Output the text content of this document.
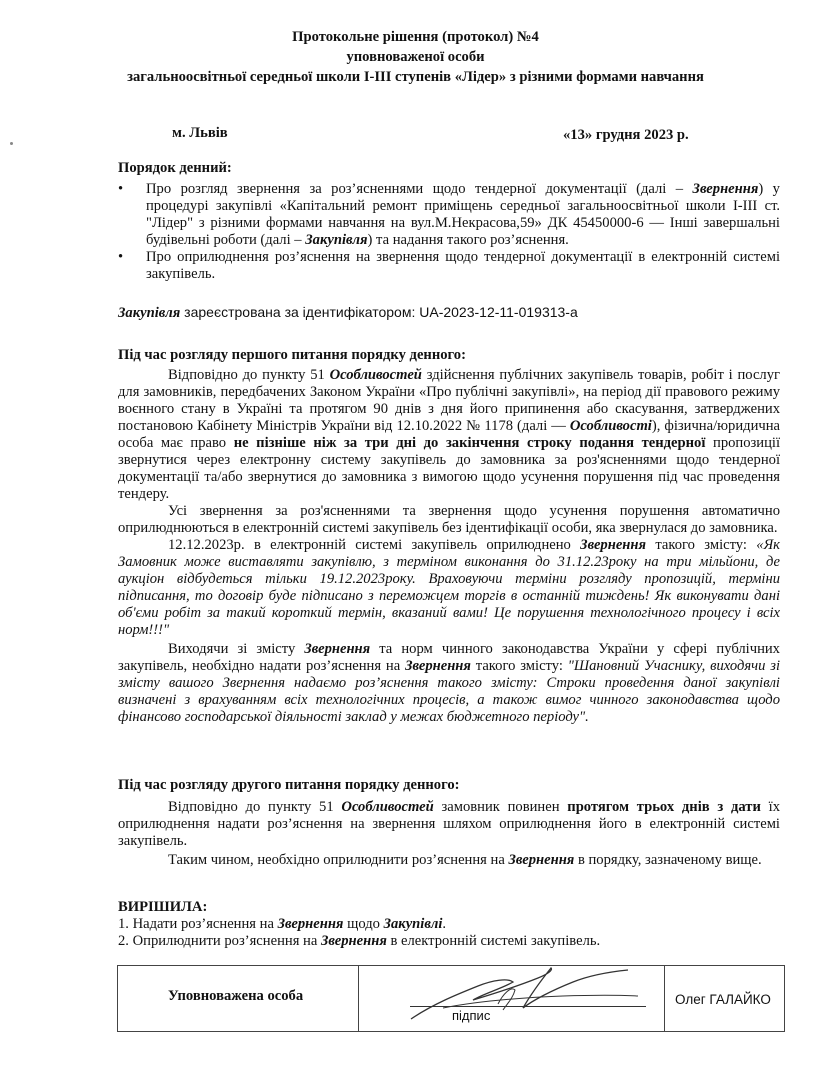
Протокольне рішення (протокол) №4
уповноваженої особи
загальноосвітньої середньої школи І-ІІІ ступенів «Лідер» з різними формами навчання
м. Львів	«13» грудня 2023 р.

Порядок денний:

• Про розгляд звернення за роз’ясненнями щодо тендерної документації (далі – Звернення) у процедурі закупівлі «Капітальний ремонт приміщень середньої загальноосвітньої школи І-ІІІ ст. "Лідер" з різними формами навчання на вул.М.Некрасова,59» ДК 45450000-6 — Інші завершальні будівельні роботи (далі – Закупівля) та надання такого роз’яснення.

• Про оприлюднення роз’яснення на звернення щодо тендерної документації в електронній системі закупівель.

Закупівля зареєстрована за ідентифікатором: UA-2023-12-11-019313-a

Під час розгляду першого питання порядку денного:

Відповідно до пункту 51 Особливостей здійснення публічних закупівель товарів, робіт і послуг для замовників, передбачених Законом України «Про публічні закупівлі», на період дії правового режиму воєнного стану в Україні та протягом 90 днів з дня його припинення або скасування, затверджених постановою Кабінету Міністрів України від 12.10.2022 № 1178 (далі — Особливості), фізична/юридична особа має право не пізніше ніж за три дні до закінчення строку подання тендерної пропозиції звернутися через електронну систему закупівель до замовника за роз'ясненнями щодо тендерної документації та/або звернутися до замовника з вимогою щодо усунення порушення під час проведення тендеру.

Усі звернення за роз'ясненнями та звернення щодо усунення порушення автоматично оприлюднюються в електронній системі закупівель без ідентифікації особи, яка звернулася до замовника.

12.12.2023р. в електронній системі закупівель оприлюднено Звернення такого змісту: «Як Замовник може виставляти закупівлю, з терміном виконання до 31.12.23року на три мільйони, де аукціон відбудеться тільки 19.12.2023року. Враховуючи терміни розгляду пропозицій, терміни підписання, то договір буде підписано з переможцем торгів в останній тиждень! Як виконувати дані об'єми робіт за такий короткий термін, вказаний вами! Це порушення технологічного процесу і всіх норм!!!"

Виходячи зі змісту Звернення та норм чинного законодавства України у сфері публічних закупівель, необхідно надати роз’яснення на Звернення такого змісту: "Шановний Учаснику, виходячи зі змісту вашого Звернення надаємо роз’яснення такого змісту: Строки проведення даної закупівлі визначені з врахуванням всіх технологічних процесів, а також вимог чинного законодавства щодо фінансово господарської діяльності заклад у межах бюджетного періоду".

Під час розгляду другого питання порядку денного:

Відповідно до пункту 51 Особливостей замовник повинен протягом трьох днів з дати їх оприлюднення надати роз’яснення на звернення шляхом оприлюднення його в електронній системі закупівель.

Таким чином, необхідно оприлюднити роз’яснення на Звернення в порядку, зазначеному вище.

ВИРІШИЛА:

1. Надати роз’яснення на Звернення щодо Закупівлі.

2. Оприлюднити роз’яснення на Звернення в електронній системі закупівель.

Уповноважена особа
підпис
Олег ГАЛАЙКО
